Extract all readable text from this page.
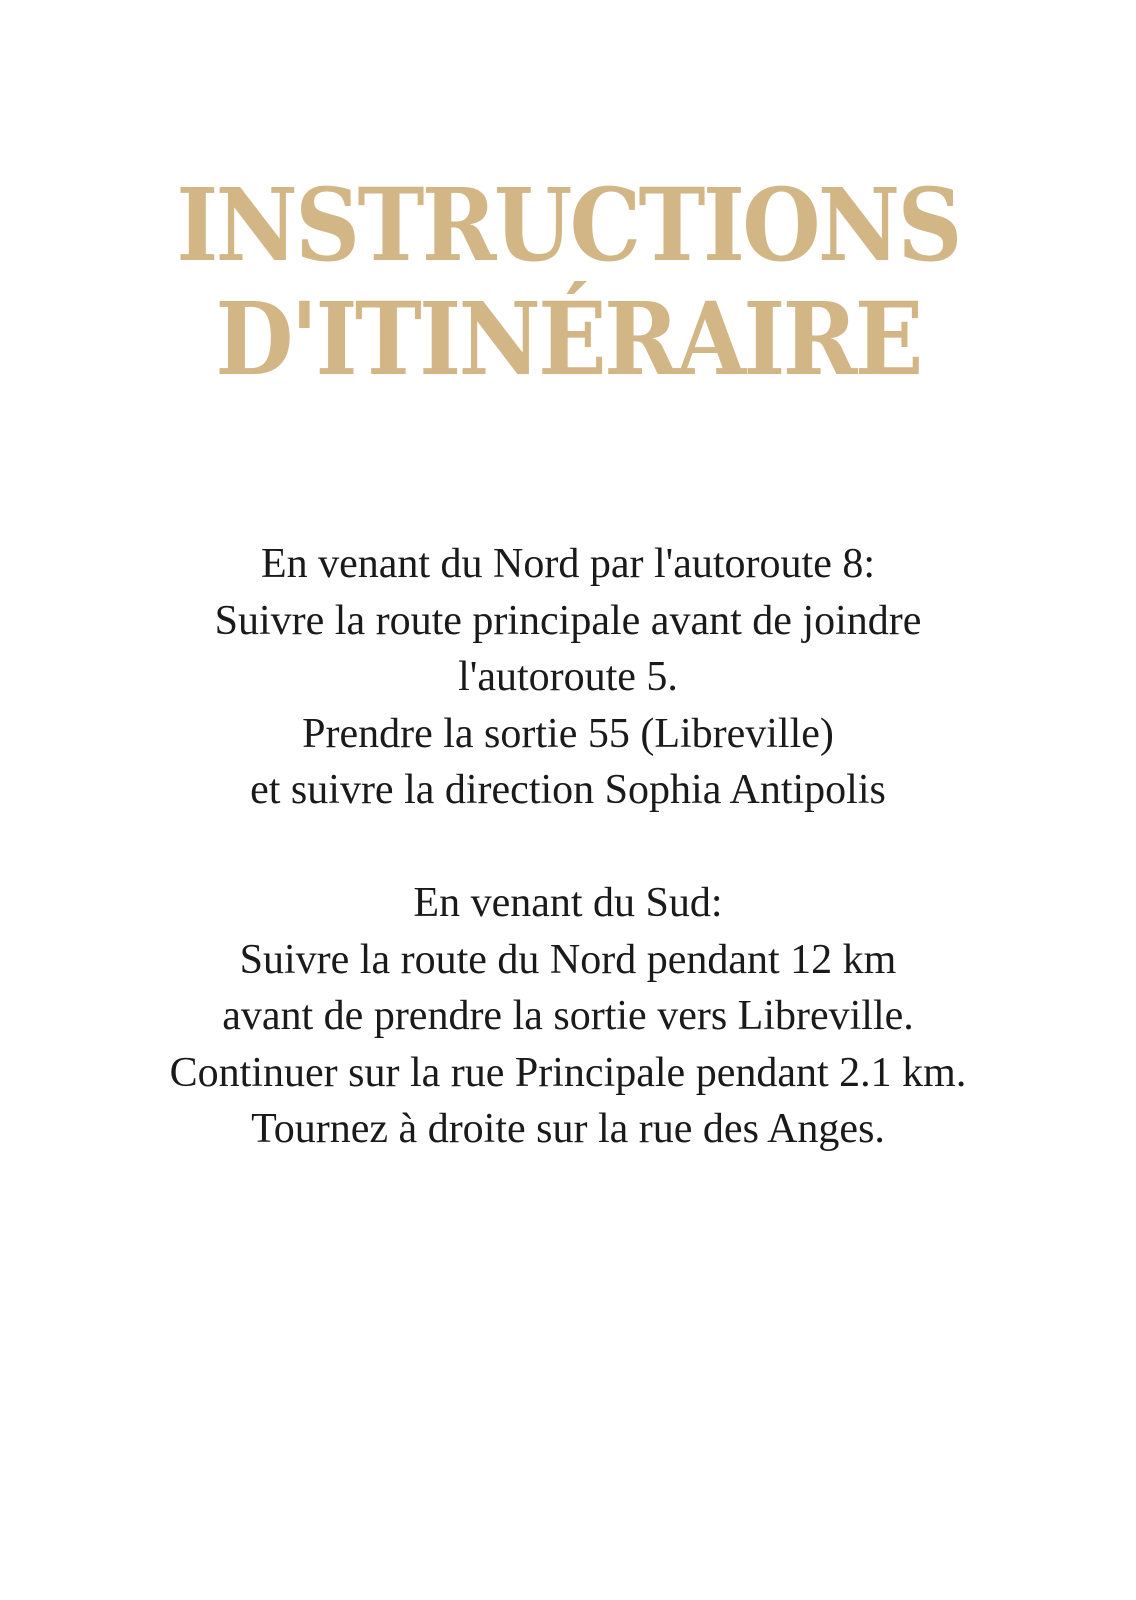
INSTRUCTIONS
D'ITINÉRAIRE
En venant du Nord par l'autoroute 8:
Suivre la route principale avant de joindre
l'autoroute 5.
Prendre la sortie 55 (Libreville)
et suivre la direction Sophia Antipolis
En venant du Sud:
Suivre la route du Nord pendant 12 km
avant de prendre la sortie vers Libreville.
Continuer sur la rue Principale pendant 2.1 km.
Tournez à droite sur la rue des Anges.
